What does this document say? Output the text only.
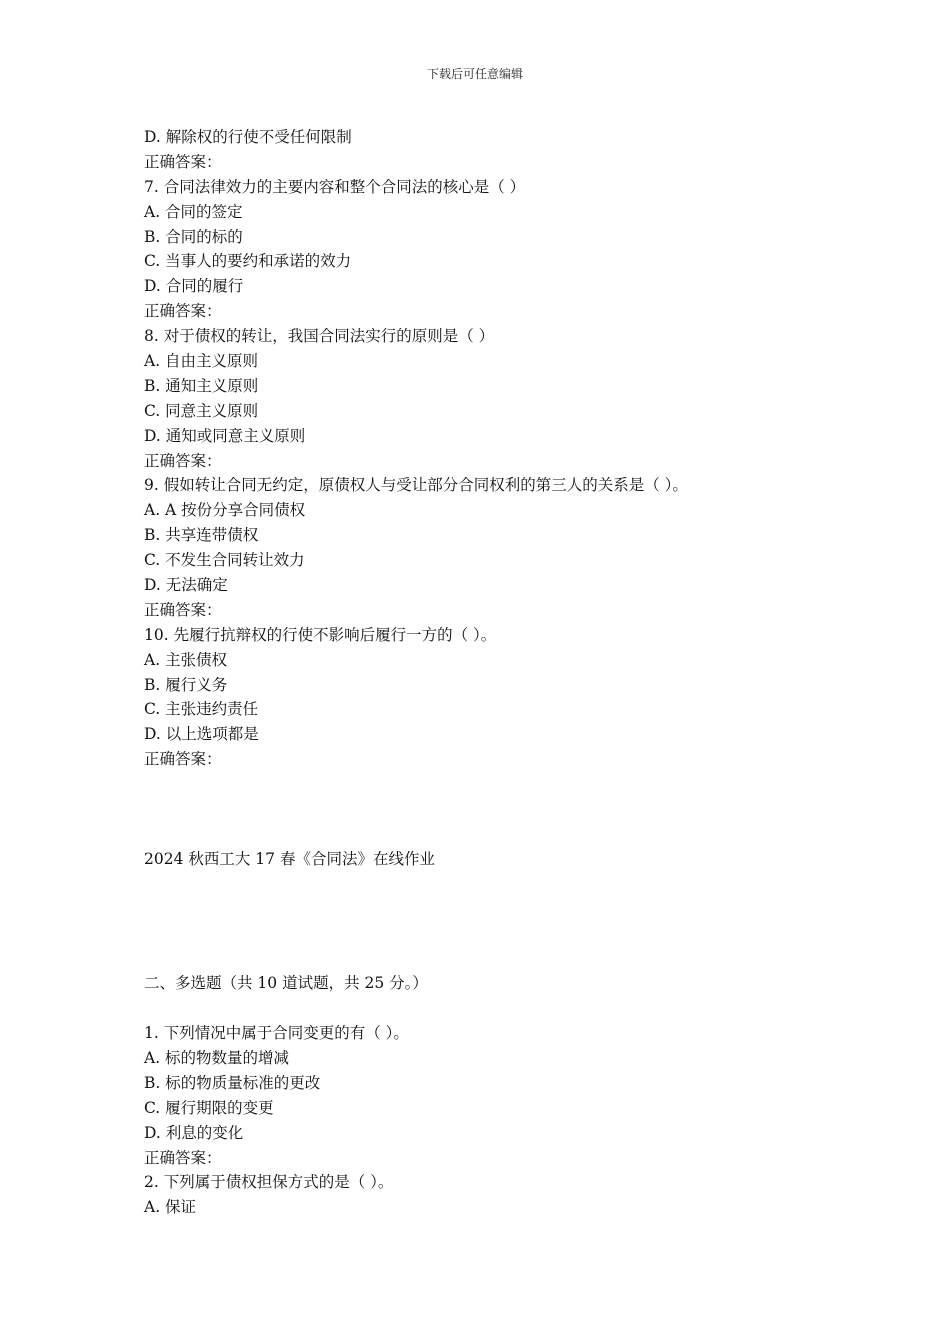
下载后可任意编辑
D. 解除权的行使不受任何限制
正确答案：
7. 合同法律效力的主要内容和整个合同法的核心是（ ）
A. 合同的签定
B. 合同的标的
C. 当事人的要约和承诺的效力
D. 合同的履行
正确答案：
8. 对于债权的转让，我国合同法实行的原则是（ ）
A. 自由主义原则
B. 通知主义原则
C. 同意主义原则
D. 通知或同意主义原则
正确答案：
9. 假如转让合同无约定，原债权人与受让部分合同权利的第三人的关系是（ ）。
A. A 按份分享合同债权
B. 共享连带债权
C. 不发生合同转让效力
D. 无法确定
正确答案：
10. 先履行抗辩权的行使不影响后履行一方的（ ）。
A. 主张债权
B. 履行义务
C. 主张违约责任
D. 以上选项都是
正确答案：
2024 秋西工大 17 春《合同法》在线作业
二、多选题（共 10 道试题，共 25 分。）
1. 下列情况中属于合同变更的有（ ）。
A. 标的物数量的增减
B. 标的物质量标准的更改
C. 履行期限的变更
D. 利息的变化
正确答案：
2. 下列属于债权担保方式的是（ ）。
A. 保证
